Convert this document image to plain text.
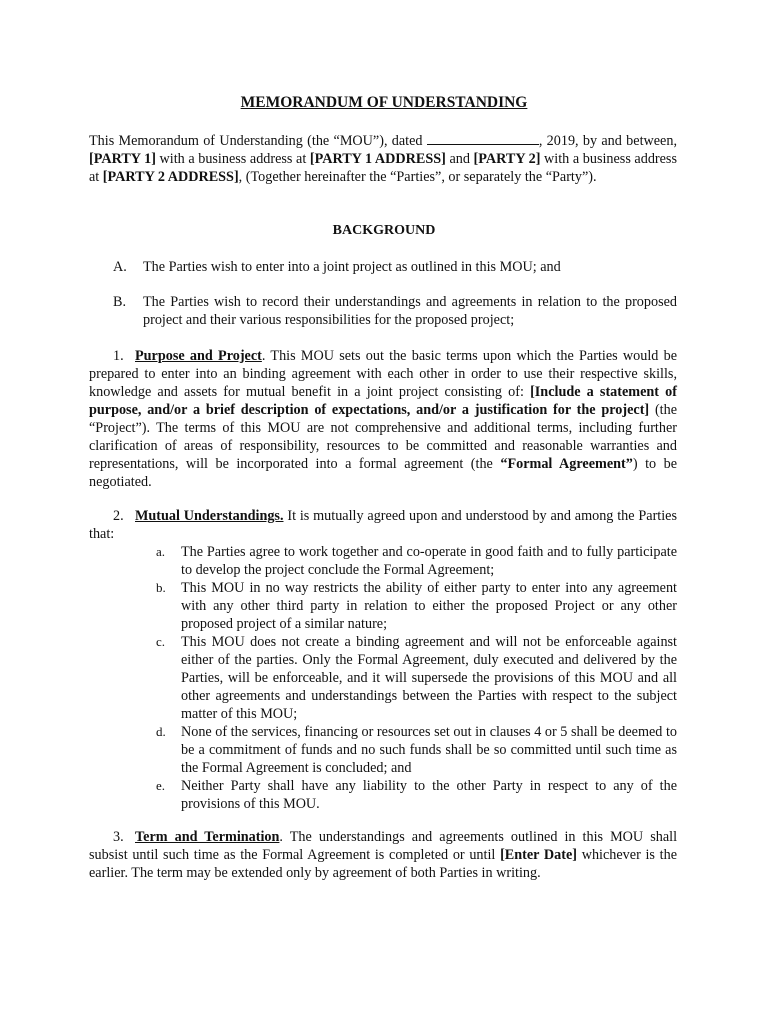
MEMORANDUM OF UNDERSTANDING

This Memorandum of Understanding (the “MOU”), dated	, 2019, by and between, [PARTY 1] with a business address at [PARTY 1 ADDRESS] and [PARTY 2] with a business address at [PARTY 2 ADDRESS], (Together hereinafter the “Parties”, or separately the “Party”).

BACKGROUND
A. The Parties wish to enter into a joint project as outlined in this MOU; and

B. The Parties wish to record their understandings and agreements in relation to the proposed project and their various responsibilities for the proposed project;

1. Purpose and Project. This MOU sets out the basic terms upon which the Parties would be prepared to enter into an binding agreement with each other in order to use their respective skills, knowledge and assets for mutual benefit in a joint project consisting of: [Include a statement of purpose, and/or a brief description of expectations, and/or a justification for the project] (the “Project”). The terms of this MOU are not comprehensive and additional terms, including further clarification of areas of responsibility, resources to be committed and reasonable warranties and representations, will be incorporated into a formal agreement (the “Formal Agreement”) to be negotiated.

2. Mutual Understandings. It is mutually agreed upon and understood by and among the Parties that:

a. The Parties agree to work together and co-operate in good faith and to fully participate to develop the project conclude the Formal Agreement;

b. This MOU in no way restricts the ability of either party to enter into any agreement with any other third party in relation to either the proposed Project or any other proposed project of a similar nature;

c. This MOU does not create a binding agreement and will not be enforceable against either of the parties. Only the Formal Agreement, duly executed and delivered by the Parties, will be enforceable, and it will supersede the provisions of this MOU and all other agreements and understandings between the Parties with respect to the subject matter of this MOU;

d. None of the services, financing or resources set out in clauses 4 or 5 shall be deemed to be a commitment of funds and no such funds shall be so committed until such time as the Formal Agreement is concluded; and

e. Neither Party shall have any liability to the other Party in respect to any of the provisions of this MOU.

3. Term and Termination. The understandings and agreements outlined in this MOU shall subsist until such time as the Formal Agreement is completed or until [Enter Date] whichever is the earlier. The term may be extended only by agreement of both Parties in writing.
